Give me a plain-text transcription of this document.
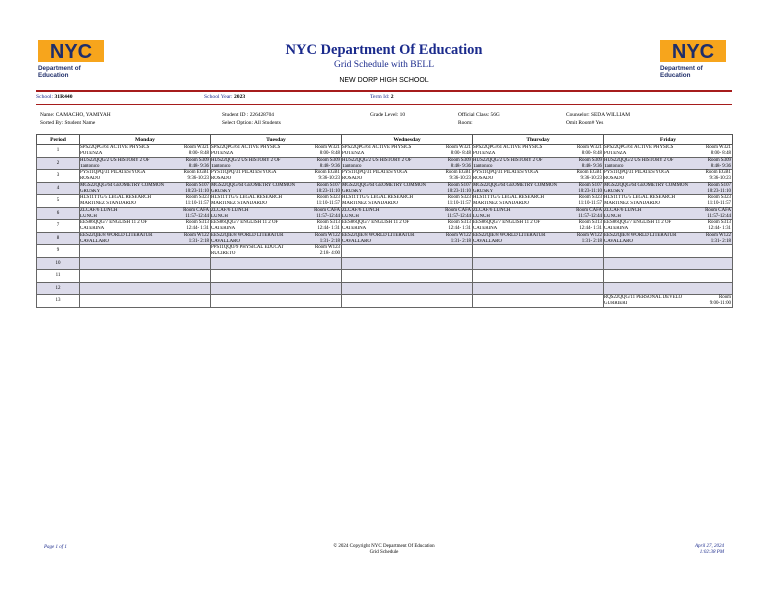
NYC
Department of Education
NYC
Department of Education
NYC Department Of Education
Grid Schedule with BELL
NEW DORP HIGH SCHOOL
School: 31R440	School Year: 2023	Term Id: 2
Name: CAMACHO, YAMIYAH
Sorted By: Student Name
Student ID : 226428704
Select Option: All Students
Grade Level: 10	Official Class: 56G
Room:
Counselor: SEDA WILLIAM
Omit Room# Yes
Period	Monday	Tuesday	Wednesday	Thursday	Friday
1	SPS22QPG/61 ACTIVE PHYSICS
POTENZA
Room W321
8:00- 8:48	SPS22QPG/61 ACTIVE PHYSICS
POTENZA
Room W321
8:00- 8:48	SPS22QPG/61 ACTIVE PHYSICS
POTENZA
Room W321
8:00- 8:48	SPS22QPG/61 ACTIVE PHYSICS
POTENZA
Room W321
8:00- 8:48	SPS22QPG/61 ACTIVE PHYSICS
POTENZA
Room W321
8:00- 8:48

2	HUS22QQG/2 US HISTORY 2 OF
Tantonico
Room S309
8:48- 9:36	HUS22QQG/2 US HISTORY 2 OF
Tantonico
Room S309
8:48- 9:36	HUS22QQG/2 US HISTORY 2 OF
Tantonico
Room S309
8:48- 9:36	HUS22QQG/2 US HISTORY 2 OF
Tantonico
Room S309
8:48- 9:36	HUS22QQG/2 US HISTORY 2 OF
Tantonico
Room S309
8:48- 9:36

3	PYS11QPQ/31 PILATES/YOGA
ROSADO
Room EGB1
9:36-10:23	PYS11QPQ/31 PILATES/YOGA
ROSADO
Room EGB1
9:36-10:23	PYS11QPQ/31 PILATES/YOGA
ROSADO
Room EGB1
9:36-10:23	PYS11QPQ/31 PILATES/YOGA
ROSADO
Room EGB1
9:36-10:23	PYS11QPQ/31 PILATES/YOGA
ROSADO
Room EGB1
9:36-10:23

4	MGS22QQG/64 GEOMETRY COMMON
GRUSKY
Room S107
10:23-11:10	MGS22QQG/64 GEOMETRY COMMON
GRUSKY
Room S107
10:23-11:10	MGS22QQG/64 GEOMETRY COMMON
GRUSKY
Room S107
10:23-11:10	MGS22QQG/64 GEOMETRY COMMON
GRUSKY
Room S107
10:23-11:10	MGS22QQG/64 GEOMETRY COMMON
GRUSKY
Room S107
10:23-11:10

5	HLS11TTG/5 LEGAL RESEARCH
MARTINEZ STANDARDO
Room S323
11:10-11:57	HLS11TTG/5 LEGAL RESEARCH
MARTINEZ STANDARDO
Room S323
11:10-11:57	HLS11TTG/5 LEGAL RESEARCH
MARTINEZ STANDARDO
Room S323
11:10-11:57	HLS11TTG/5 LEGAL RESEARCH
MARTINEZ STANDARDO
Room S323
11:10-11:57	HLS11TTG/5 LEGAL RESEARCH
MARTINEZ STANDARDO
Room S323
11:10-11:57

6	ZLCAF/6 LUNCH
LUNCH
Room CAFA
11:57-12:44	ZLCAF/6 LUNCH
LUNCH
Room CAFA
11:57-12:44	ZLCAF/6 LUNCH
LUNCH
Room CAFA
11:57-12:44	ZLCAF/6 LUNCH
LUNCH
Room CAFA
11:57-12:44	ZLCAF/6 LUNCH
LUNCH
Room CAFA
11:57-12:44

7	EES86QQG/7 ENGLISH 11 2 OF
CATERINA
Room S313
12:44- 1:31	EES86QQG/7 ENGLISH 11 2 OF
CATERINA
Room S313
12:44- 1:31	EES86QQG/7 ENGLISH 11 2 OF
CATERINA
Room S313
12:44- 1:31	EES86QQG/7 ENGLISH 11 2 OF
CATERINA
Room S313
12:44- 1:31	EES86QQG/7 ENGLISH 11 2 OF
CATERINA
Room S313
12:44- 1:31

8	EES22QIE/8 WORLD LITERATUR
CAVALLARO
Room W122
1:31- 2:18	EES22QIE/8 WORLD LITERATUR
CAVALLARO
Room W122
1:31- 2:18	EES22QIE/8 WORLD LITERATUR
CAVALLARO
Room W122
1:31- 2:18	EES22QIE/8 WORLD LITERATUR
CAVALLARO
Room W122
1:31- 2:18	EES22QIE/8 WORLD LITERATUR
CAVALLARO
Room W122
1:31- 2:18

9		PPS11QQO/9 PHYSICAL EDUCAT
RUCIRETO
Room W123
2:18- 4:00			

10	

11	

12	

13					RQS22QQG/11 PERSONAL DEVELO
GURRIERI
Room
9:00-11:00
Page 1 of 1	© 2024 Copyright NYC Department Of Education
Grid Schedule
April 27, 2024
1:02:38 PM
